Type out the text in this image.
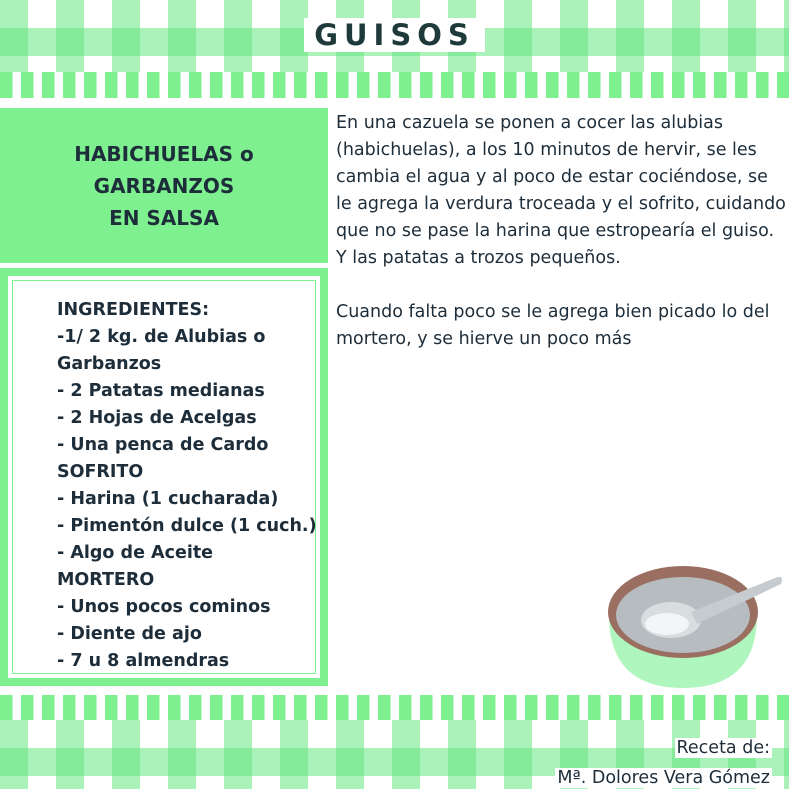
GUISOS
HABICHUELAS o
GARBANZOS
EN SALSA
INGREDIENTES:
-1/ 2 kg. de Alubias o
Garbanzos
- 2 Patatas medianas
- 2 Hojas de Acelgas
- Una penca de Cardo
SOFRITO
- Harina (1 cucharada)
- Pimentón dulce (1 cuch.)
- Algo de Aceite
MORTERO
- Unos pocos cominos
- Diente de ajo
- 7 u 8 almendras

En una cazuela se ponen a cocer las alubias (habichuelas), a los 10 minutos de hervir, se les cambia el agua y al poco de estar cociéndose, se le agrega la verdura troceada y el sofrito, cuidando que no se pase la harina que estropearía el guiso.

Y las patatas a trozos pequeños.

Cuando falta poco se le agrega bien picado lo del mortero, y se hierve un poco más

Receta de:
Mª. Dolores Vera Gómez
